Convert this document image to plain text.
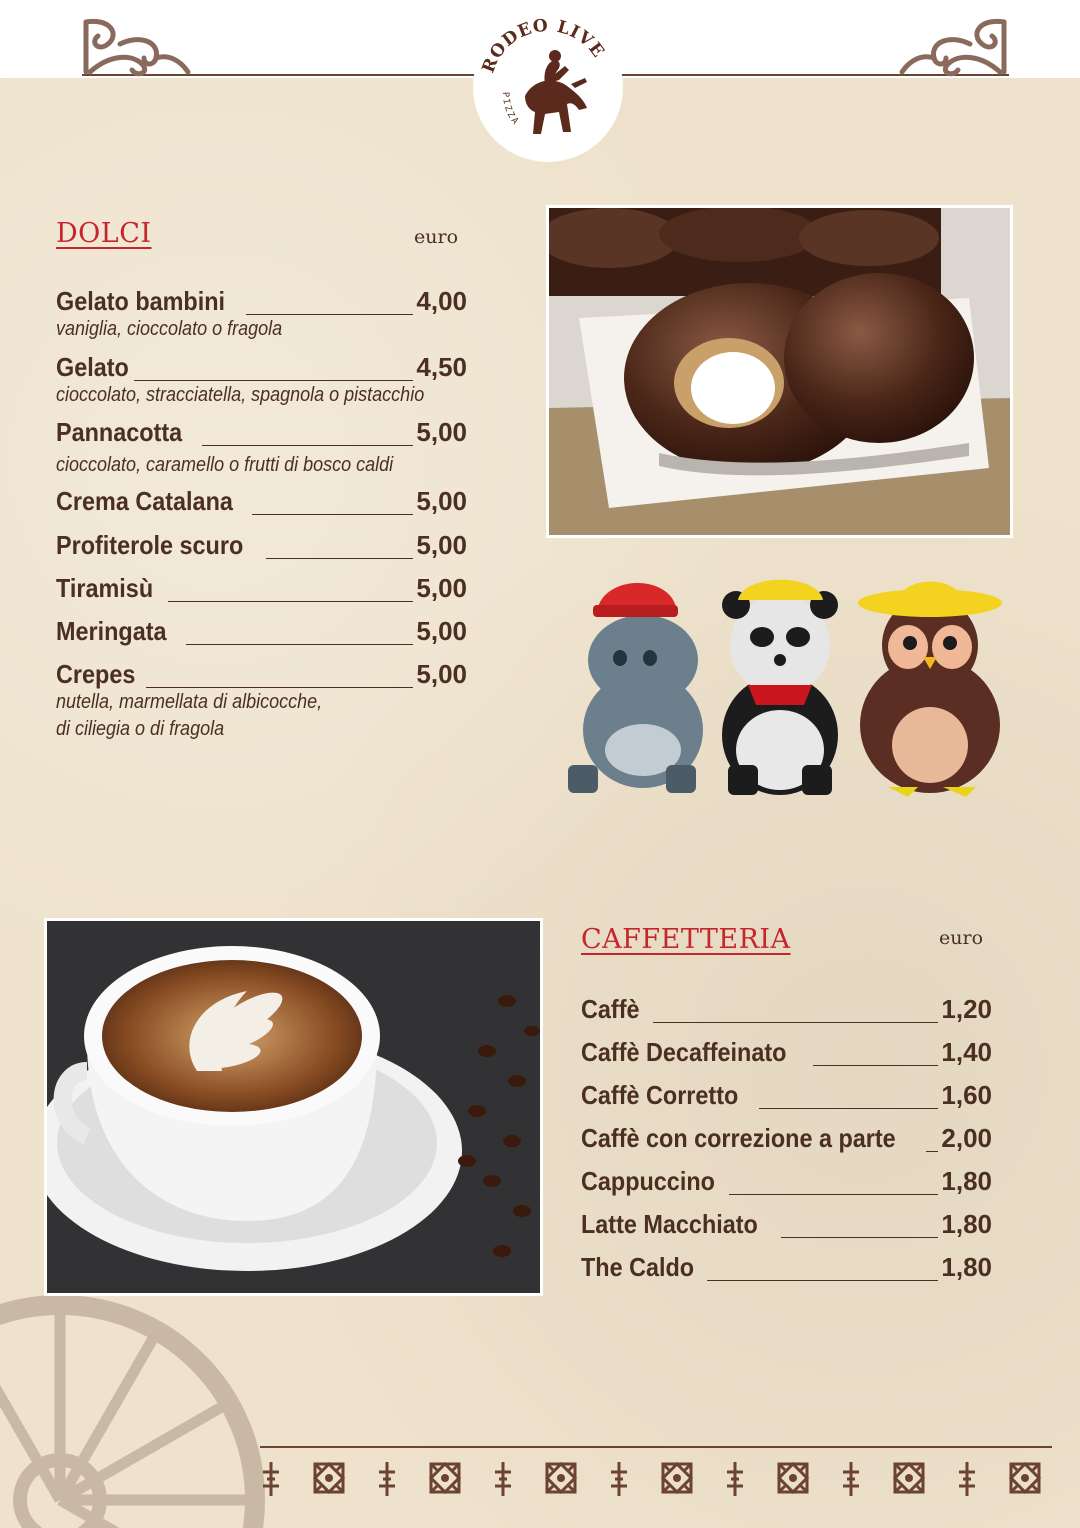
RODEO LIVE
PIZZA
DOLCI	euro
Gelato bambini	4,00
vaniglia, cioccolato o fragola
Gelato	4,50
cioccolato, stracciatella, spagnola o pistacchio
Pannacotta	5,00
cioccolato, caramello o frutti di bosco caldi
Crema Catalana	5,00
Profiterole scuro	5,00
Tiramisù	5,00
Meringata	5,00
Crepes	5,00
nutella, marmellata di albicocche,
di ciliegia o di fragola
CAFFETTERIA	euro
Caffè	1,20
Caffè Decaffeinato	1,40
Caffè Corretto	1,60
Caffè con correzione a parte 2,00
Cappuccino	1,80
Latte Macchiato	1,80
The Caldo	1,80
